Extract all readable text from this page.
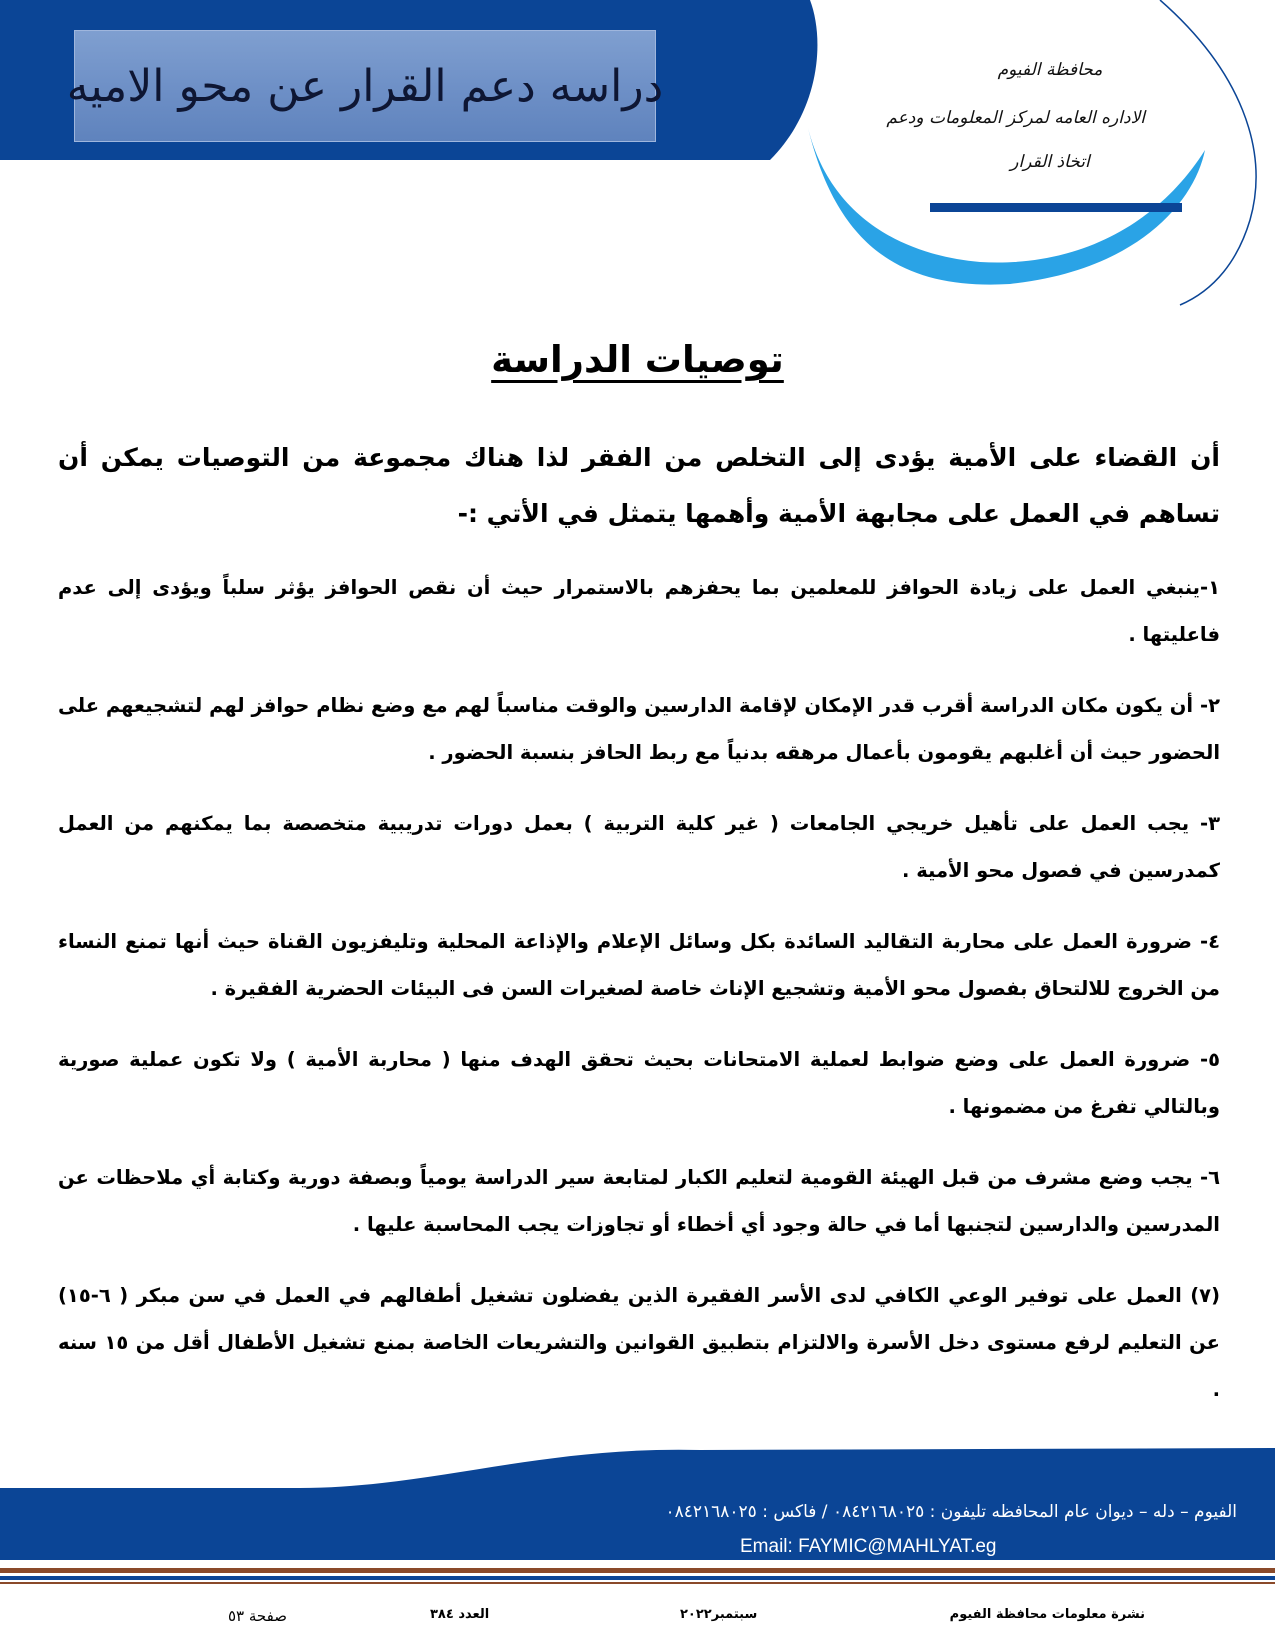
دراسه دعم القرار عن محو الاميه	محافظة الفيوم
الاداره العامه لمركز المعلومات ودعم
اتخاذ القرار
توصيات الدراسة

أن القضاء على الأمية يؤدى إلى التخلص من الفقر لذا هناك مجموعة من التوصيات يمكن أن تساهم في العمل على مجابهة الأمية وأهمها يتمثل في الأتي :-

١-ينبغي العمل على زيادة الحوافز للمعلمين بما يحفزهم بالاستمرار حيث أن نقص الحوافز يؤثر سلباً ويؤدى إلى عدم فاعليتها .

٢- أن يكون مكان الدراسة أقرب قدر الإمكان لإقامة الدارسين والوقت مناسباً لهم مع وضع نظام حوافز لهم لتشجيعهم على الحضور حيث أن أغلبهم يقومون بأعمال مرهقه بدنياً مع ربط الحافز بنسبة الحضور .

٣- يجب العمل على تأهيل خريجي الجامعات ( غير كلية التربية ) بعمل دورات تدريبية متخصصة بما يمكنهم من العمل كمدرسين في فصول محو الأمية .

٤- ضرورة العمل على محاربة التقاليد السائدة بكل وسائل الإعلام والإذاعة المحلية وتليفزيون القناة حيث أنها تمنع النساء من الخروج للالتحاق بفصول محو الأمية وتشجيع الإناث خاصة لصغيرات السن فى البيئات الحضرية الفقيرة .

٥- ضرورة العمل على وضع ضوابط لعملية الامتحانات بحيث تحقق الهدف منها ( محاربة الأمية ) ولا تكون عملية صورية وبالتالي تفرغ من مضمونها .

٦- يجب وضع مشرف من قبل الهيئة القومية لتعليم الكبار لمتابعة سير الدراسة يومياً وبصفة دورية وكتابة أي ملاحظات عن المدرسين والدارسين لتجنبها أما في حالة وجود أي أخطاء أو تجاوزات يجب المحاسبة عليها .

(٧) العمل على توفير الوعي الكافي لدى الأسر الفقيرة الذين يفضلون تشغيل أطفالهم في العمل في سن مبكر ( ٦-١٥) عن التعليم لرفع مستوى دخل الأسرة والالتزام بتطبيق القوانين والتشريعات الخاصة بمنع تشغيل الأطفال أقل من ١٥ سنه .

الفيوم – دله – ديوان عام المحافظه تليفون : ٠٨٤٢١٦٨٠٢٥ / فاكس : ٠٨٤٢١٦٨٠٢٥
Email: FAYMIC@MAHLYAT.eg
نشرة معلومات محافظة الفيوم
سبتمبر٢٠٢٢
العدد ٣٨٤
صفحة ٥٣
